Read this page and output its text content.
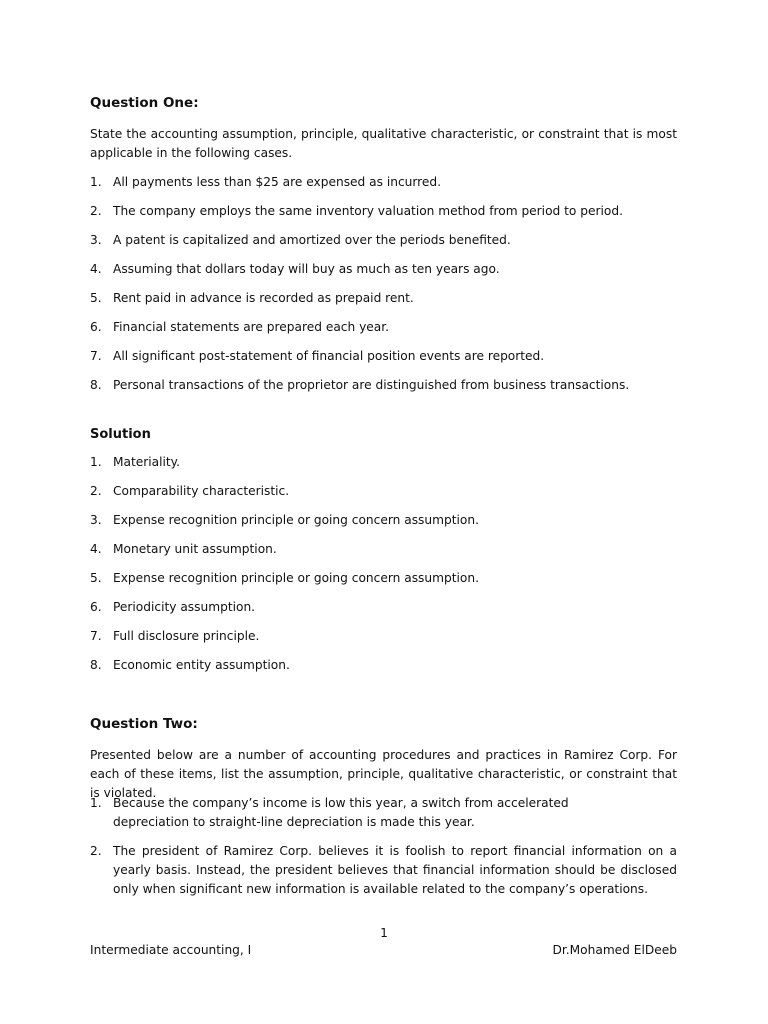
Question One:

State the accounting assumption, principle, qualitative characteristic, or constraint that is most applicable in the following cases.

1. All payments less than $25 are expensed as incurred.
2. The company employs the same inventory valuation method from period to period.
3. A patent is capitalized and amortized over the periods benefited.
4. Assuming that dollars today will buy as much as ten years ago.
5. Rent paid in advance is recorded as prepaid rent.
6. Financial statements are prepared each year.
7. All significant post-statement of financial position events are reported.
8. Personal transactions of the proprietor are distinguished from business transactions.
Solution
1. Materiality.
2. Comparability characteristic.
3. Expense recognition principle or going concern assumption.
4. Monetary unit assumption.
5. Expense recognition principle or going concern assumption.
6. Periodicity assumption.
7. Full disclosure principle.
8. Economic entity assumption.
Question Two:

Presented below are a number of accounting procedures and practices in Ramirez Corp. For each of these items, list the assumption, principle, qualitative characteristic, or constraint that is violated.

1. Because the company’s income is low this year, a switch from accelerated depreciation to straight-line depreciation is made this year.
2. The president of Ramirez Corp. believes it is foolish to report financial information on a yearly basis. Instead, the president believes that financial information should be disclosed only when significant new information is available related to the company’s operations.
1
Intermediate accounting, I	Dr.Mohamed ElDeeb
